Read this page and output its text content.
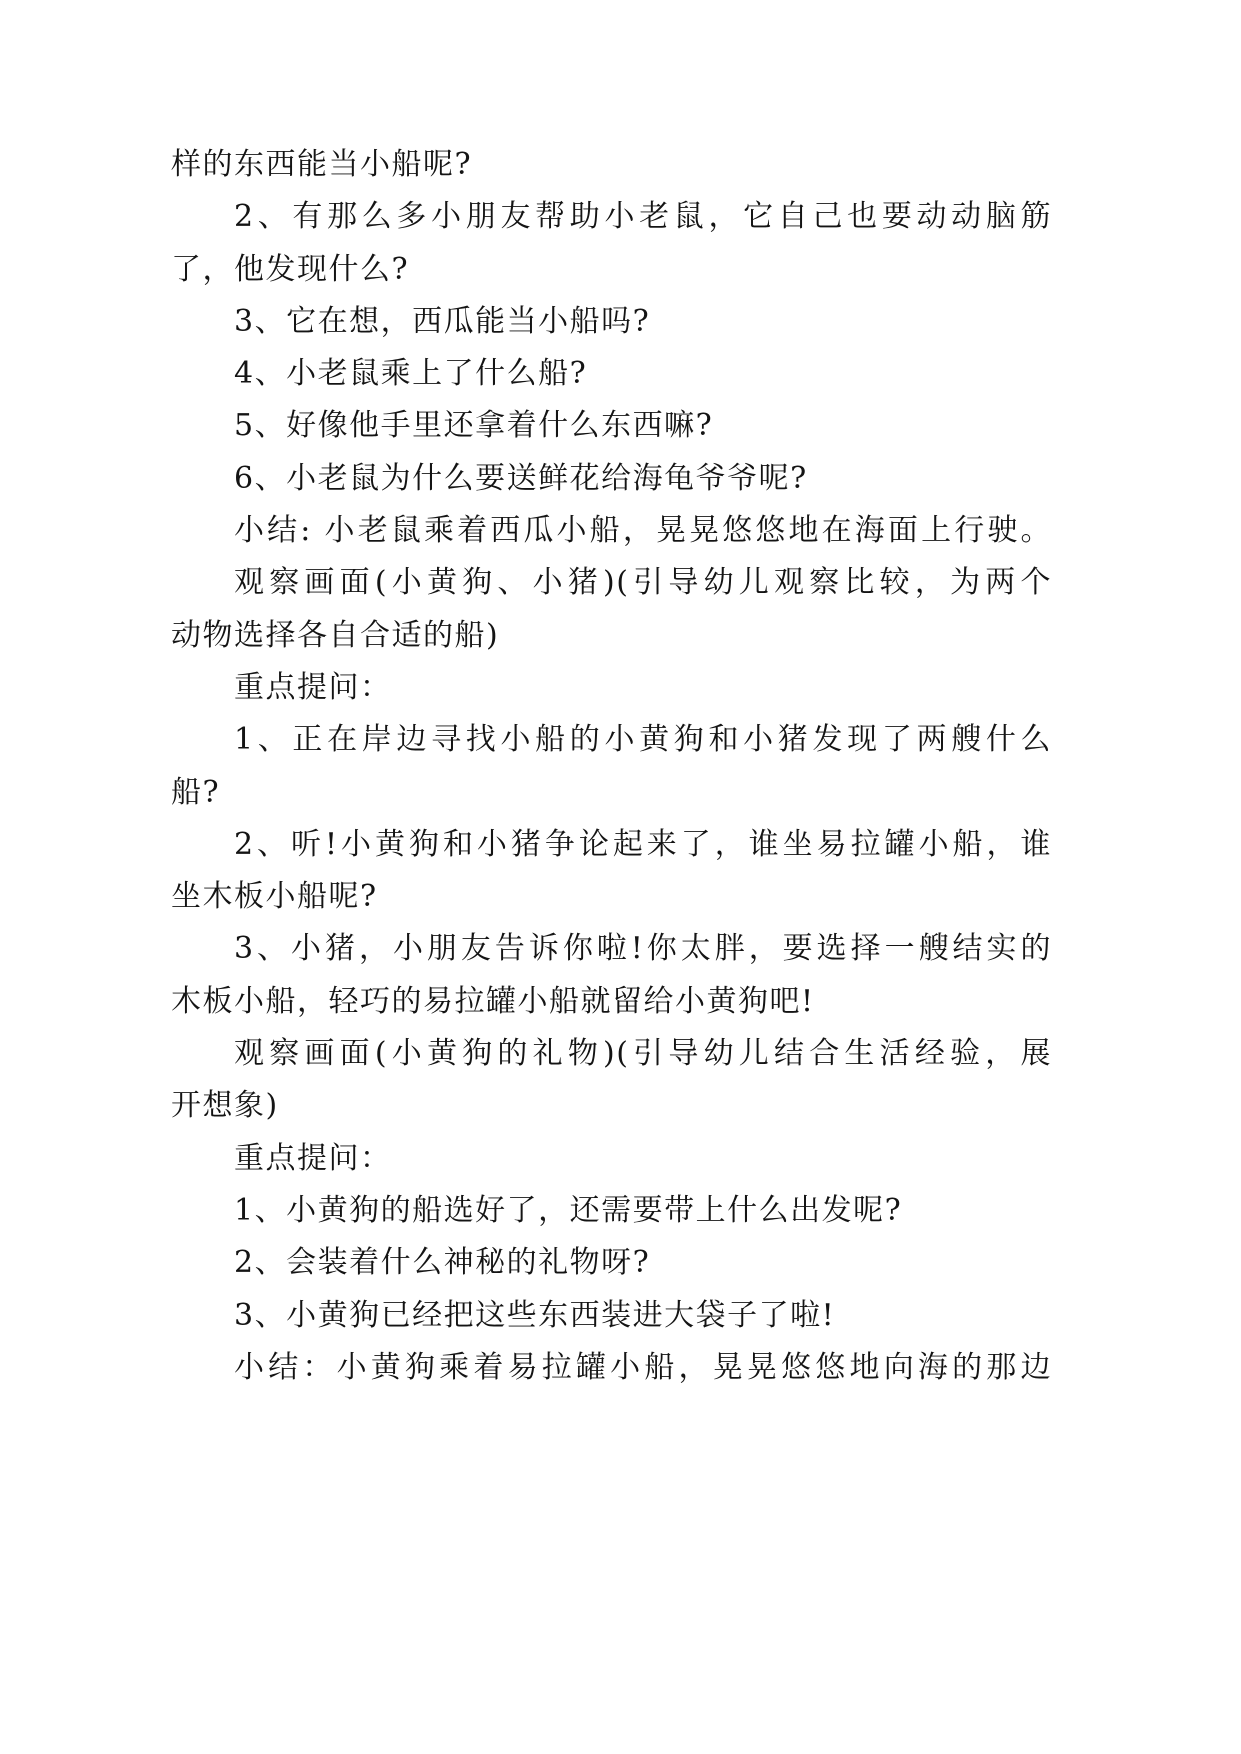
样的东西能当小船呢?
2、有那么多小朋友帮助小老鼠，它自己也要动动脑筋
了，他发现什么?
3、它在想，西瓜能当小船吗?
4、小老鼠乘上了什么船?
5、好像他手里还拿着什么东西嘛?
6、小老鼠为什么要送鲜花给海龟爷爷呢?
小结: 小老鼠乘着西瓜小船，晃晃悠悠地在海面上行驶。
观察画面(小黄狗、小猪)(引导幼儿观察比较，为两个
动物选择各自合适的船)
重点提问：
1、正在岸边寻找小船的小黄狗和小猪发现了两艘什么
船?
2、听!小黄狗和小猪争论起来了，谁坐易拉罐小船，谁
坐木板小船呢?
3、小猪，小朋友告诉你啦!你太胖，要选择一艘结实的
木板小船，轻巧的易拉罐小船就留给小黄狗吧!
观察画面(小黄狗的礼物)(引导幼儿结合生活经验，展
开想象)
重点提问：
1、小黄狗的船选好了，还需要带上什么出发呢?
2、会装着什么神秘的礼物呀?
3、小黄狗已经把这些东西装进大袋子了啦!
小结：小黄狗乘着易拉罐小船，晃晃悠悠地向海的那边
